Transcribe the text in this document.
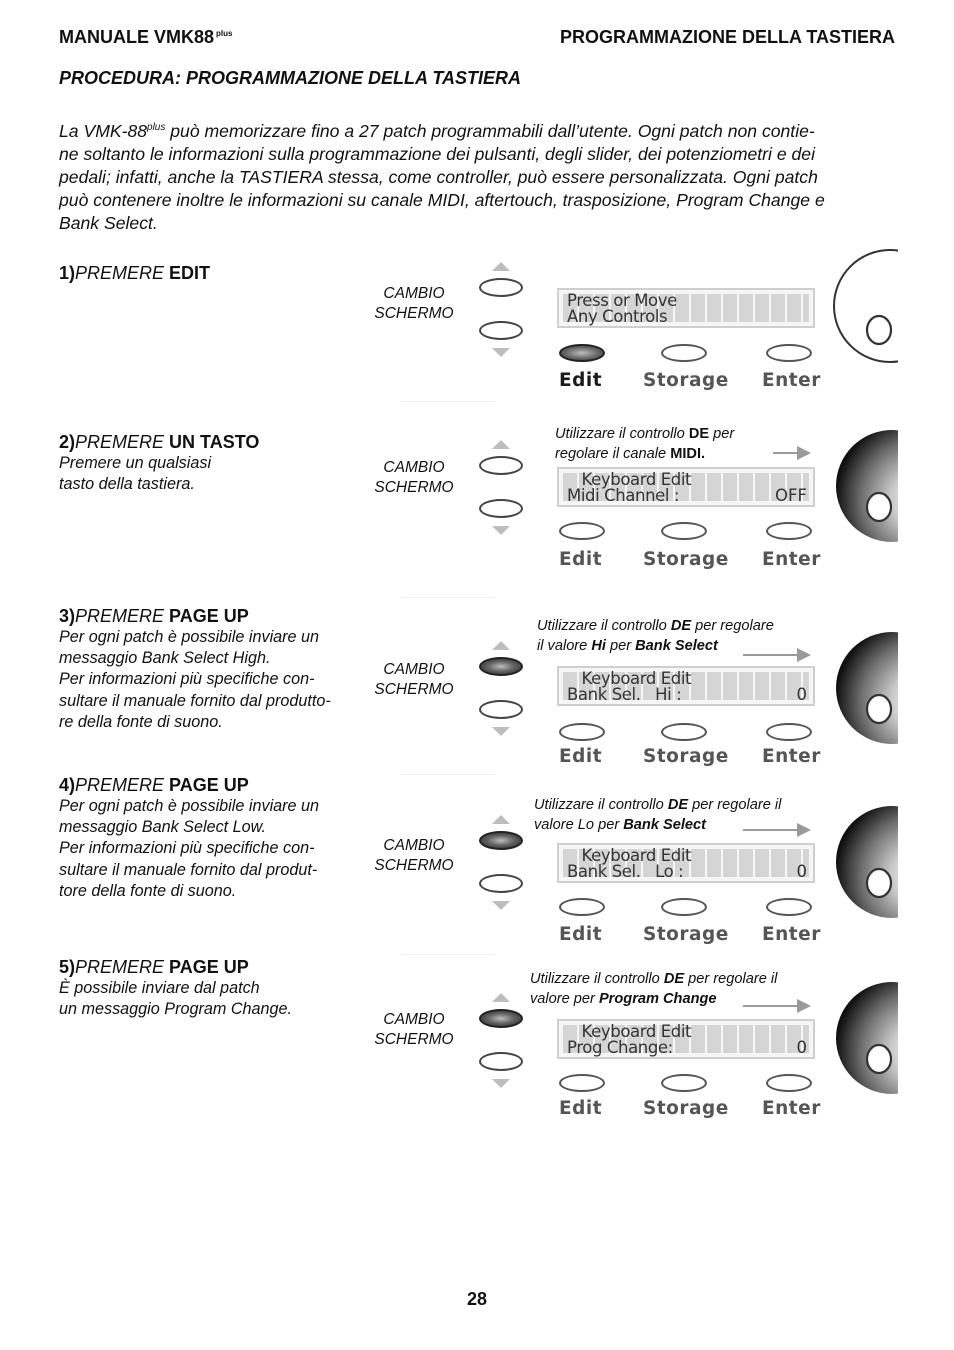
MANUALE VMK88 $^{plus}$	PROGRAMMAZIONE DELLA TASTIERA
PROCEDURA: PROGRAMMAZIONE DELLA TASTIERA
La VMK-$88^{plus}$ può memorizzare fino a 27 patch programmabili dall’utente. Ogni patch non contie-
ne soltanto le informazioni sulla programmazione dei pulsanti, degli slider, dei potenziometri e dei
pedali; infatti, anche la TASTIERA stessa, come controller, può essere personalizzata. Ogni patch
può contenere inoltre le informazioni su canale MIDI, aftertouch, trasposizione, Program Change e
Bank Select.
1)PREMERE EDIT
CAMBIO
SCHERMO
Press or Move
Any Controls
Edit Storage Enter
2)PREMERE UN TASTO
Premere un qualsiasi
tasto della tastiera.
CAMBIO
SCHERMO
Utilizzare il controllo DE per
regolare il canale MIDI.
Keyboard Edit
Midi Channel :	OFF
Edit Storage Enter
3)PREMERE PAGE UP
Per ogni patch è possibile inviare un
messaggio Bank Select High.
Per informazioni più specifiche con-
sultare il manuale fornito dal produtto-
re della fonte di suono.
CAMBIO
SCHERMO
Utilizzare il controllo DE per regolare
il valore Hi per Bank Select
Keyboard Edit
Bank Sel.   Hi :	0
Edit Storage Enter
4)PREMERE PAGE UP
Per ogni patch è possibile inviare un
messaggio Bank Select Low.
Per informazioni più specifiche con-
sultare il manuale fornito dal produt-
tore della fonte di suono.
CAMBIO
SCHERMO
Utilizzare il controllo DE per regolare il
valore Lo per Bank Select
Keyboard Edit
Bank Sel.   Lo :	0
Edit Storage Enter
5)PREMERE PAGE UP
È possibile inviare dal patch
un messaggio Program Change.
CAMBIO
SCHERMO
Utilizzare il controllo DE per regolare il
valore per Program Change
Keyboard Edit
Prog Change:	0
Edit Storage Enter
28
